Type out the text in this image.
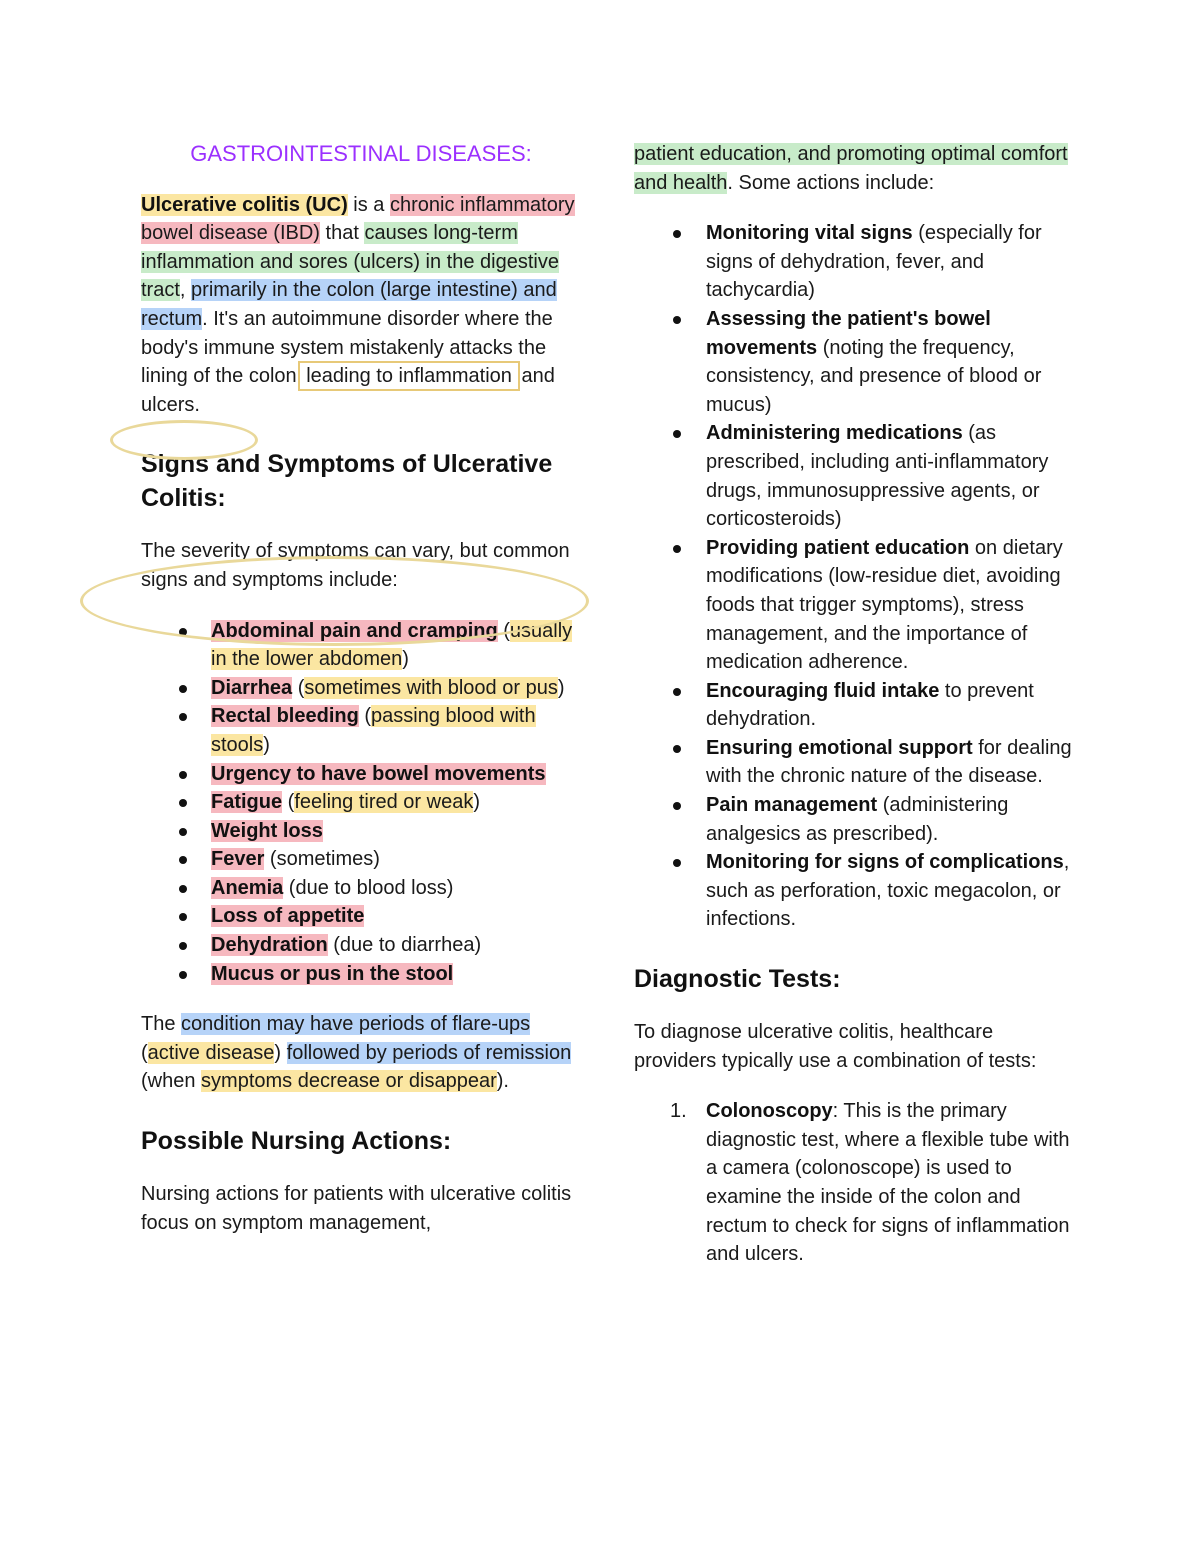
GASTROINTESTINAL DISEASES:

Ulcerative colitis (UC) is a chronic inflammatory bowel disease (IBD) that causes long-term inflammation and sores (ulcers) in the digestive tract, primarily in the colon (large intestine) and rectum. It's an autoimmune disorder where the body's immune system mistakenly attacks the lining of the colon leading to inflammation and ulcers.

Signs and Symptoms of Ulcerative Colitis:

The severity of symptoms can vary, but common signs and symptoms include:

Abdominal pain and cramping (usually in the lower abdomen)
Diarrhea (sometimes with blood or pus)
Rectal bleeding (passing blood with stools)
Urgency to have bowel movements
Fatigue (feeling tired or weak)
Weight loss
Fever (sometimes)
Anemia (due to blood loss)
Loss of appetite
Dehydration (due to diarrhea)
Mucus or pus in the stool

The condition may have periods of flare-ups (active disease) followed by periods of remission (when symptoms decrease or disappear).

Possible Nursing Actions:

Nursing actions for patients with ulcerative colitis focus on symptom management,

patient education, and promoting optimal comfort and health. Some actions include:

Monitoring vital signs (especially for signs of dehydration, fever, and tachycardia)
Assessing the patient's bowel movements (noting the frequency, consistency, and presence of blood or mucus)
Administering medications (as prescribed, including anti-inflammatory drugs, immunosuppressive agents, or corticosteroids)
Providing patient education on dietary modifications (low-residue diet, avoiding foods that trigger symptoms), stress management, and the importance of medication adherence.
Encouraging fluid intake to prevent dehydration.
Ensuring emotional support for dealing with the chronic nature of the disease.
Pain management (administering analgesics as prescribed).
Monitoring for signs of complications, such as perforation, toxic megacolon, or infections.
Diagnostic Tests:

To diagnose ulcerative colitis, healthcare providers typically use a combination of tests:

1. Colonoscopy: This is the primary diagnostic test, where a flexible tube with a camera (colonoscope) is used to examine the inside of the colon and rectum to check for signs of inflammation and ulcers.
